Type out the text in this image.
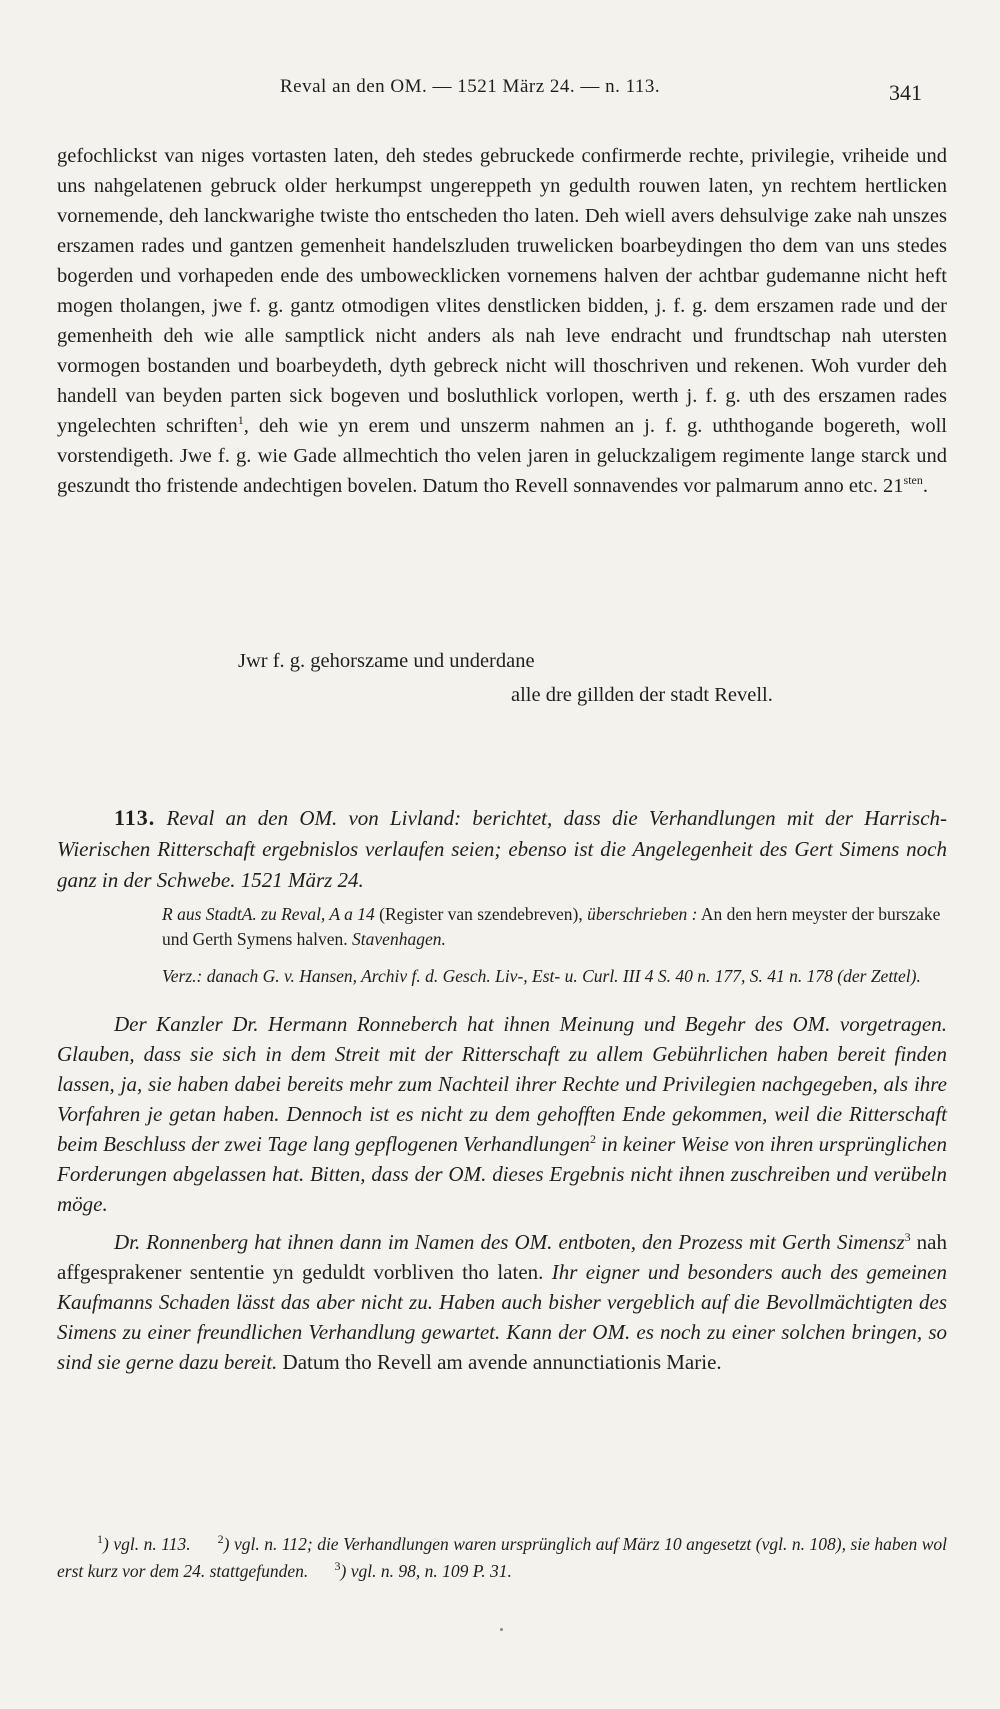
Reval an den OM. — 1521 März 24. — n. 113.	341

gefochlickst van niges vortasten laten, deh stedes gebruckede confirmerde rechte, privilegie, vriheide und uns nahgelatenen gebruck older herkumpst ungereppeth yn gedulth rouwen laten, yn rechtem hertlicken vornemende, deh lanckwarighe twiste tho entscheden tho laten. Deh wiell avers dehsulvige zake nah unszes erszamen rades und gantzen gemenheit handelszluden truwelicken boarbeydingen tho dem van uns stedes bogerden und vorhapeden ende des umbowecklicken vornemens halven der achtbar gudemanne nicht heft mogen tholangen, jwe f. g. gantz otmodigen vlites denstlicken bidden, j. f. g. dem erszamen rade und der gemenheith deh wie alle samptlick nicht anders als nah leve endracht und frundtschap nah utersten vormogen bostanden und boarbeydeth, dyth gebreck nicht will thoschriven und rekenen. Woh vurder deh handell van beyden parten sick bogeven und bosluthlick vorlopen, werth j. f. g. uth des erszamen rades yngelechten schriften$^1$, deh wie yn erem und unszerm nahmen an j. f. g. uththogande bogereth, woll vorstendigeth. Jwe f. g. wie Gade allmechtich tho velen jaren in geluckzaligem regimente lange starck und geszundt tho fristende andechtigen bovelen. Datum tho Revell sonnavendes vor palmarum anno etc. $21^{sten}$.

Jwr f. g. gehorszame und underdane
alle dre gillden der stadt Revell.

113. Reval an den OM. von Livland: berichtet, dass die Verhandlungen mit der Harrisch-Wierischen Ritterschaft ergebnislos verlaufen seien; ebenso ist die Angelegenheit des Gert Simens noch ganz in der Schwebe. 1521 März 24.

R aus StadtA. zu Reval, A a 14 (Register van szendebreven), überschrieben : An den hern meyster der burszake und Gerth Symens halven. Stavenhagen.

Verz.: danach G. v. Hansen, Archiv f. d. Gesch. Liv-, Est- u. Curl. III 4 S. 40 n. 177, S. 41 n. 178 (der Zettel).

Der Kanzler Dr. Hermann Ronneberch hat ihnen Meinung und Begehr des OM. vorgetragen. Glauben, dass sie sich in dem Streit mit der Ritterschaft zu allem Gebührlichen haben bereit finden lassen, ja, sie haben dabei bereits mehr zum Nachteil ihrer Rechte und Privilegien nachgegeben, als ihre Vorfahren je getan haben. Dennoch ist es nicht zu dem gehofften Ende gekommen, weil die Ritterschaft beim Beschluss der zwei Tage lang gepflogenen Verhandlungen$^2$ in keiner Weise von ihren ursprünglichen Forderungen abgelassen hat. Bitten, dass der OM. dieses Ergebnis nicht ihnen zuschreiben und verübeln möge.

Dr. Ronnenberg hat ihnen dann im Namen des OM. entboten, den Prozess mit Gerth Simensz$^3$ nah affgesprakener sententie yn geduldt vorbliven tho laten. Ihr eigner und besonders auch des gemeinen Kaufmanns Schaden lässt das aber nicht zu. Haben auch bisher vergeblich auf die Bevollmächtigten des Simens zu einer freundlichen Verhandlung gewartet. Kann der OM. es noch zu einer solchen bringen, so sind sie gerne dazu bereit. Datum tho Revell am avende annunctiationis Marie.

$^1$) vgl. n. 113. $^2$) vgl. n. 112; die Verhandlungen waren ursprünglich auf März 10 angesetzt (vgl. n. 108), sie haben wol erst kurz vor dem 24. stattgefunden. $^3$) vgl. n. 98, n. 109 P. 31.
